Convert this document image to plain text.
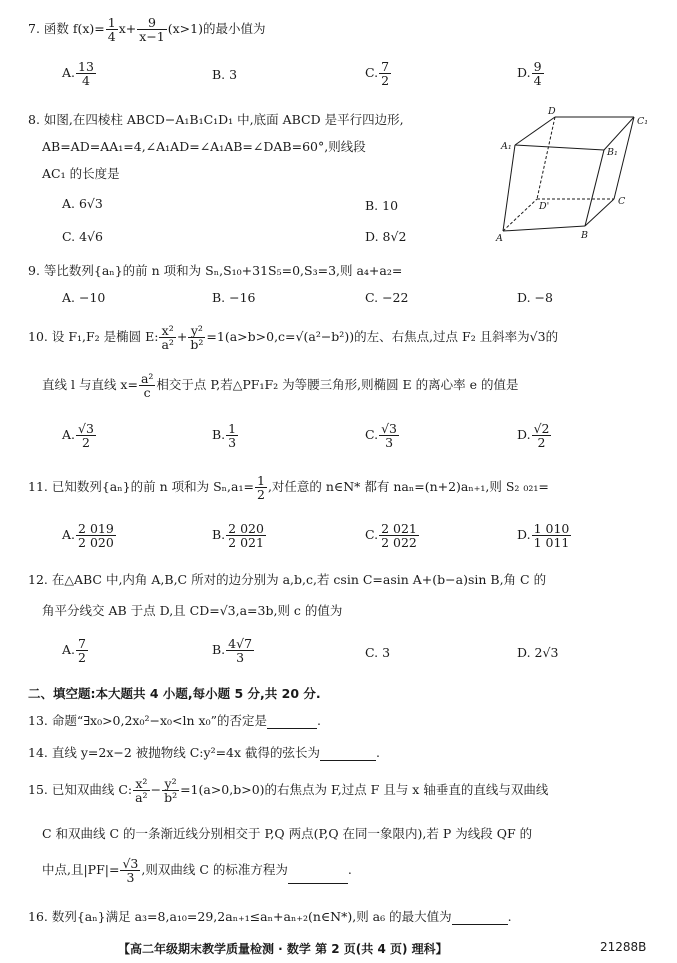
7. 函数 $f(x)= \frac{1}{4} x+ \frac{9}{x-1} (x>1)$的最小值为
A. $\frac{13}{4}$	B. 3	C. $\frac{7}{2}$	D. $\frac{9}{4}$
8. 如图,在四棱柱 ABCD−A₁B₁C₁D₁ 中,底面 ABCD 是平行四边形,
AB=AD=AA₁=4,∠A₁AD=∠A₁AB=∠DAB=60°,则线段
AC₁ 的长度是
A. 6√3	B. 10
C. 4√6	D. 8√2
D
C₁
A₁
B₁
D'	C
A	B
9. 等比数列{aₙ}的前 n 项和为 Sₙ,S₁₀+31S₅=0,S₃=3,则 a₄+a₂=
A. −10	B. −16	C. −22	D. −8
10. 设 F₁,F₂ 是椭圆 E: $\frac{\text{x²}}{\text{a²}} + \frac{\text{y²}}{\text{b²}} =1(a>b>0,c=√(a^2-b^2))$的左、右焦点,过点 F₂ 且斜率为√3的
直线 l 与直线 $x= \frac{\text{a²}}{c}$ 相交于点 P,若△PF₁F₂ 为等腰三角形,则椭圆 E 的离心率 e 的值是
A. $\frac{√3}{2}$	B. $\frac{1}{3}$	C. $\frac{√3}{3}$	D. $\frac{√2}{2}$
11. 已知数列{aₙ}的前 n 项和为 $S_n,a_1= \frac{1}{2}$ ,对任意的 n∈N* 都有 naₙ=(n+2)aₙ₊₁,则 S₂ ₀₂₁=
A. $\frac{2 019}{2 020}$	B. $\frac{2 020}{2 021}$	C. $\frac{2 021}{2 022}$	D. $\frac{1 010}{1 011}$
12. 在△ABC 中,内角 A,B,C 所对的边分别为 a,b,c,若 csin C=asin A+(b−a)sin B,角 C 的
角平分线交 AB 于点 D,且 CD=√3,a=3b,则 c 的值为
A. $\frac{7}{2}$	B. $\frac{4√7}{3}$	C. 3	D. 2√3
二、填空题:本大题共 4 小题,每小题 5 分,共 20 分.
13. 命题“∃x₀>0,2x₀²−x₀<ln x₀”的否定是	.
14. 直线 y=2x−2 被抛物线 C:y²=4x 截得的弦长为	.
15. 已知双曲线 C: $\frac{\text{x²}}{\text{a²}} - \frac{\text{y²}}{\text{b²}} =1(a>0,b>0)$的右焦点为 F,过点 F 且与 x 轴垂直的直线与双曲线
C 和双曲线 C 的一条渐近线分别相交于 P,Q 两点(P,Q 在同一象限内),若 P 为线段 QF 的
中点,且$|PF|= \frac{√3}{3}$ ,则双曲线 C 的标准方程为	.
16. 数列{aₙ}满足 a₃=8,a₁₀=29,2aₙ₊₁≤aₙ+aₙ₊₂(n∈N*),则 a₆ 的最大值为	.
【高二年级期末教学质量检测 · 数学 第 2 页(共 4 页) 理科】	21288B
